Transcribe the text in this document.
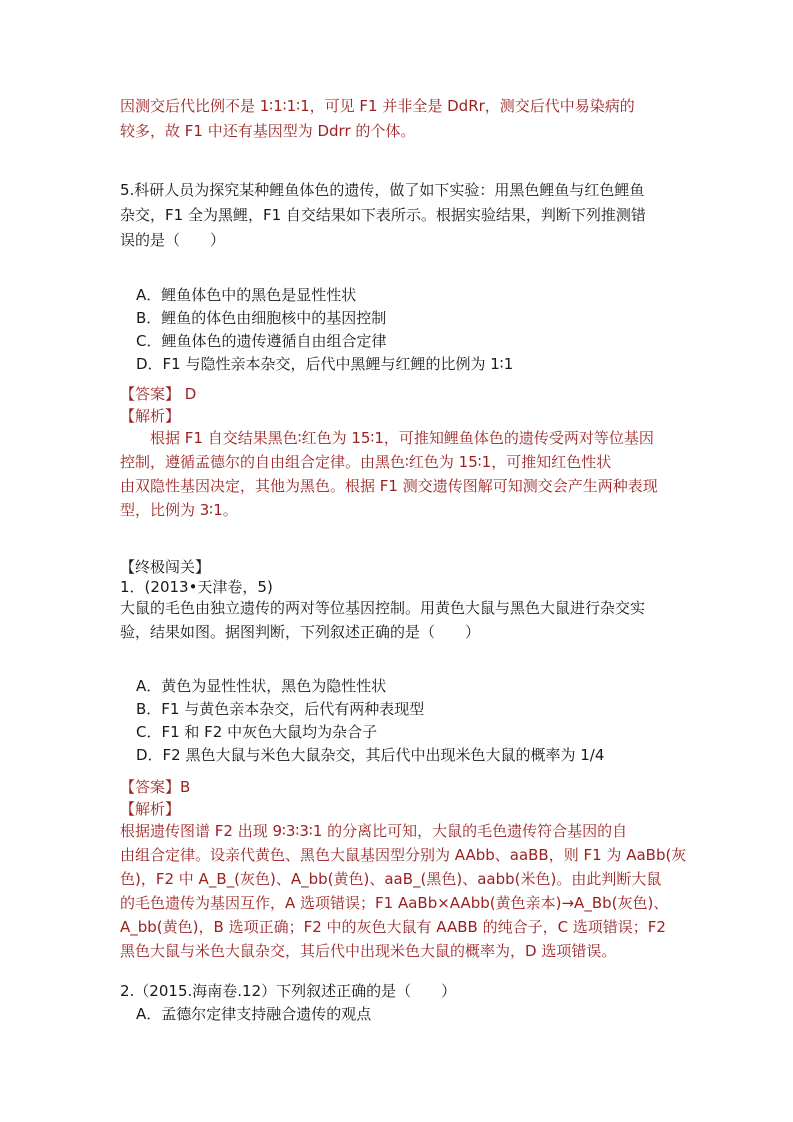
因测交后代比例不是 1∶1∶1∶1，可见 F1 并非全是 DdRr，测交后代中易染病的
较多，故 F1 中还有基因型为 Ddrr 的个体。
5.科研人员为探究某种鲤鱼体色的遗传，做了如下实验：用黑色鲤鱼与红色鲤鱼
杂交，F1 全为黑鲤，F1 自交结果如下表所示。根据实验结果，判断下列推测错
误的是（　　）
A．鲤鱼体色中的黑色是显性性状
B．鲤鱼的体色由细胞核中的基因控制
C．鲤鱼体色的遗传遵循自由组合定律
D．F1 与隐性亲本杂交，后代中黑鲤与红鲤的比例为 1∶1
【答案】 D
【解析】
根据 F1 自交结果黑色∶红色为 15∶1，可推知鲤鱼体色的遗传受两对等位基因
控制，遵循孟德尔的自由组合定律。由黑色∶红色为 15∶1，可推知红色性状
由双隐性基因决定，其他为黑色。根据 F1 测交遗传图解可知测交会产生两种表现
型，比例为 3∶1。
【终极闯关】
1．(2013•天津卷，5)
大鼠的毛色由独立遗传的两对等位基因控制。用黄色大鼠与黑色大鼠进行杂交实
验，结果如图。据图判断，下列叙述正确的是（　　）
A．黄色为显性性状，黑色为隐性性状
B．F1 与黄色亲本杂交，后代有两种表现型
C．F1 和 F2 中灰色大鼠均为杂合子
D．F2 黑色大鼠与米色大鼠杂交，其后代中出现米色大鼠的概率为 1/4
【答案】B
【解析】
根据遗传图谱 F2 出现 9∶3∶3∶1 的分离比可知，大鼠的毛色遗传符合基因的自
由组合定律。设亲代黄色、黑色大鼠基因型分别为 AAbb、aaBB，则 F1 为 AaBb(灰
色)，F2 中 A_B_(灰色)、A_bb(黄色)、aaB_(黑色)、aabb(米色)。由此判断大鼠
的毛色遗传为基因互作，A 选项错误；F1 AaBb×AAbb(黄色亲本)→A_Bb(灰色)、
A_bb(黄色)，B 选项正确；F2 中的灰色大鼠有 AABB 的纯合子，C 选项错误；F2
黑色大鼠与米色大鼠杂交，其后代中出现米色大鼠的概率为，D 选项错误。
2.（2015.海南卷.12）下列叙述正确的是（　　）
A．孟德尔定律支持融合遗传的观点
